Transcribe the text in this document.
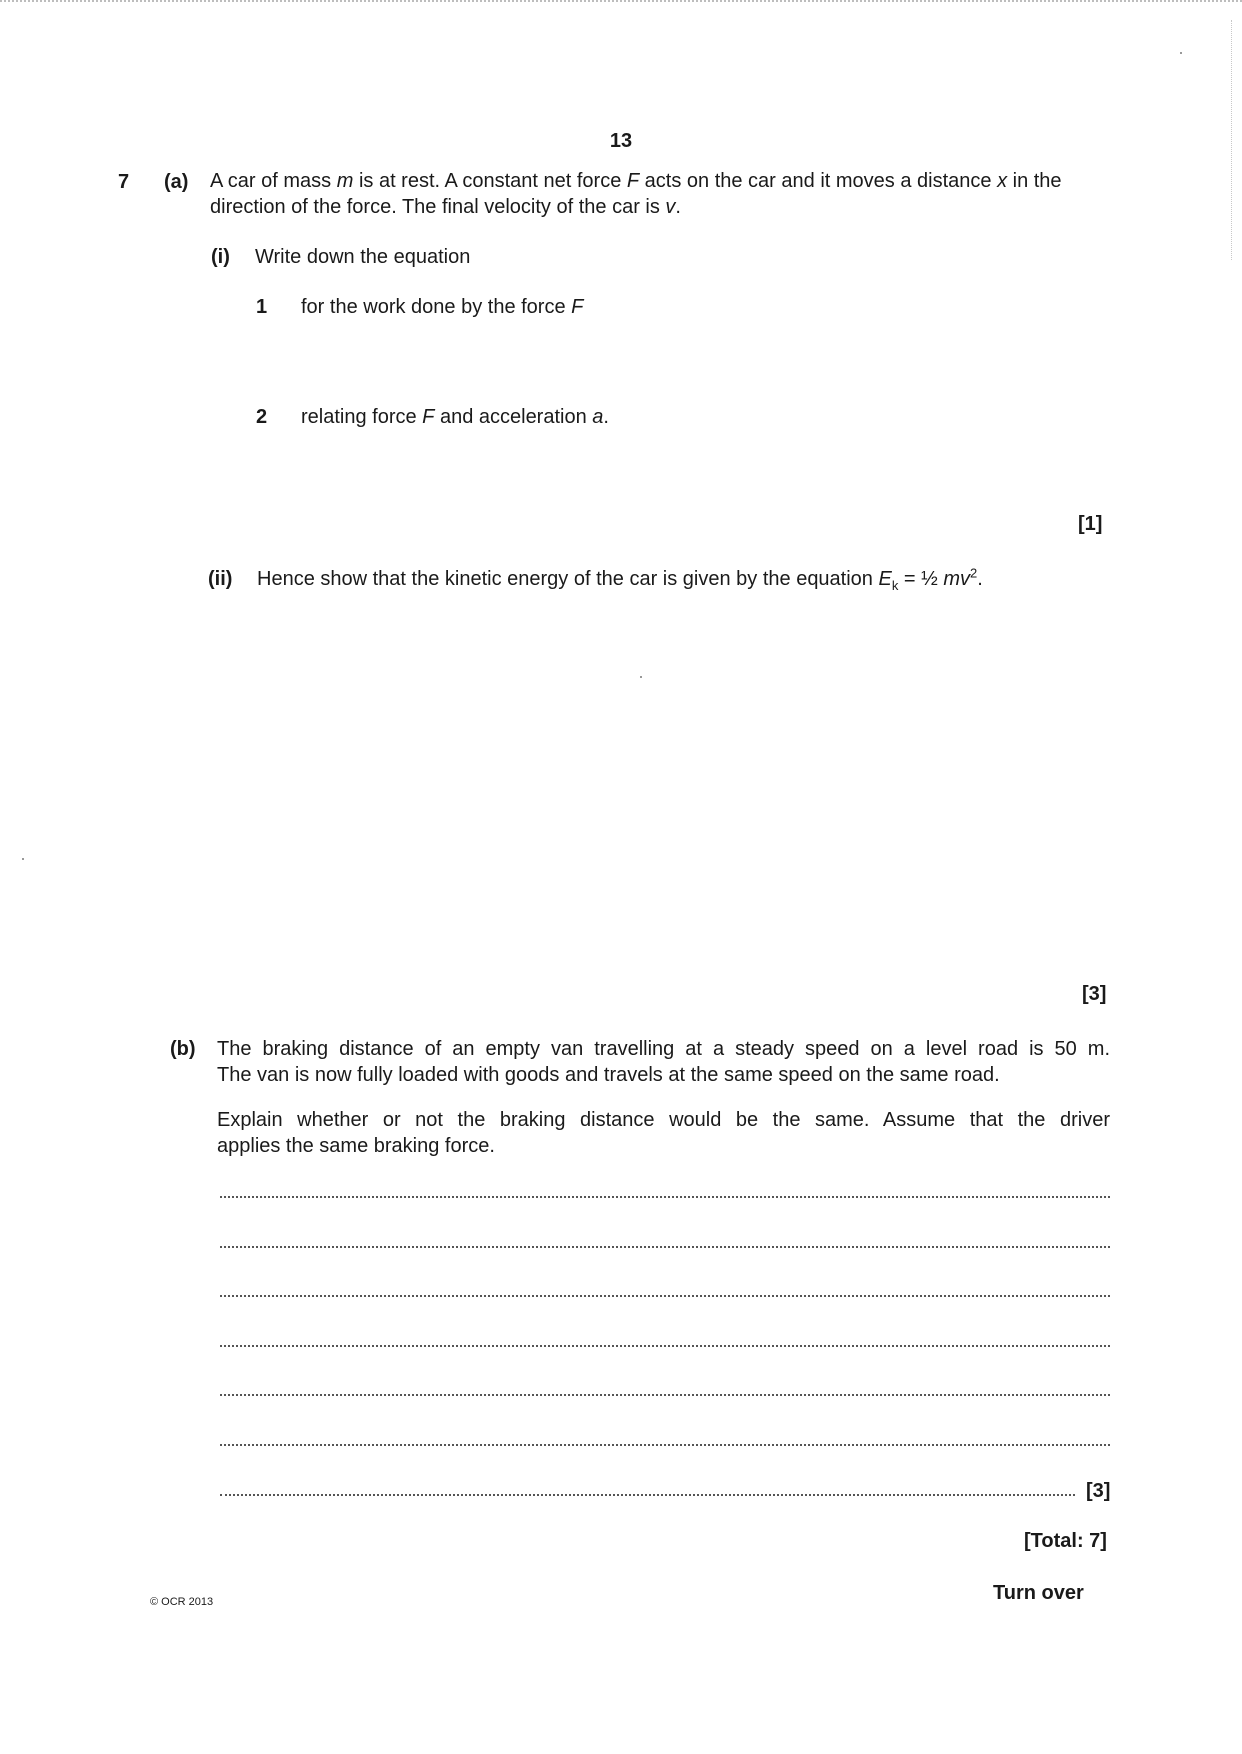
13
7 (a) A car of mass m is at rest. A constant net force F acts on the car and it moves a distance x in the direction of the force. The final velocity of the car is v.
(i) Write down the equation
1 for the work done by the force F
2 relating force F and acceleration a.
[1]
(ii) Hence show that the kinetic energy of the car is given by the equation $E_k$ = ½ $mv^2$.
[3]
(b) The braking distance of an empty van travelling at a steady speed on a level road is 50 m.
The van is now fully loaded with goods and travels at the same speed on the same road.
Explain whether or not the braking distance would be the same. Assume that the driver
applies the same braking force.
[3]
[Total: 7]
© OCR 2013	Turn over
